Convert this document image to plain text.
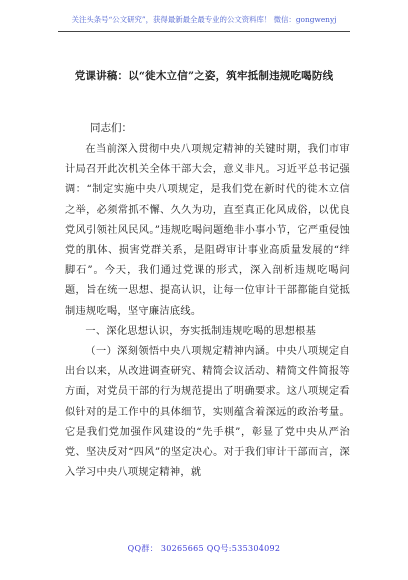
关注头条号“公文研究”，获得最新最全最专业的公文资料库！ 微信：gongwenyj
党课讲稿：以“徙木立信”之姿，筑牢抵制违规吃喝防线
同志们：

在当前深入贯彻中央八项规定精神的关键时期，我们市审计局召开此次机关全体干部大会，意义非凡。习近平总书记强调：“制定实施中央八项规定，是我们党在新时代的徙木立信之举，必须常抓不懈、久久为功，直至真正化风成俗，以优良党风引领社风民风。”违规吃喝问题绝非小事小节，它严重侵蚀党的肌体、损害党群关系，是阻碍审计事业高质量发展的“绊脚石”。今天，我们通过党课的形式，深入剖析违规吃喝问题，旨在统一思想、提高认识，让每一位审计干部都能自觉抵制违规吃喝，坚守廉洁底线。

一、深化思想认识，夯实抵制违规吃喝的思想根基

（一）深刻领悟中央八项规定精神内涵。中央八项规定自出台以来，从改进调查研究、精简会议活动、精简文件简报等方面，对党员干部的行为规范提出了明确要求。这八项规定看似针对的是工作中的具体细节，实则蕴含着深远的政治考量。它是我们党加强作风建设的“先手棋”，彰显了党中央从严治党、坚决反对“四风”的坚定决心。对于我们审计干部而言，深入学习中央八项规定精神，就

QQ群： 30265665 QQ号:535304092
